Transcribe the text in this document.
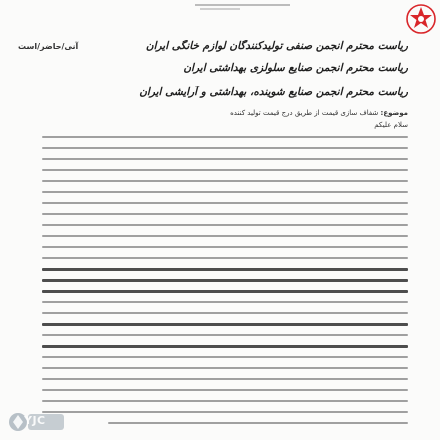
آنی/حاضر/است	ریاست محترم انجمن صنفی تولیدکنندگان لوازم خانگی ایران
ریاست محترم انجمن صنایع سلولزی بهداشتی ایران
ریاست محترم انجمن صنایع شوینده، بهداشتی و آرایشی ایران
موضوع: شفاف سازی قیمت از طریق درج قیمت تولید کننده
سلام علیکم
YJC
